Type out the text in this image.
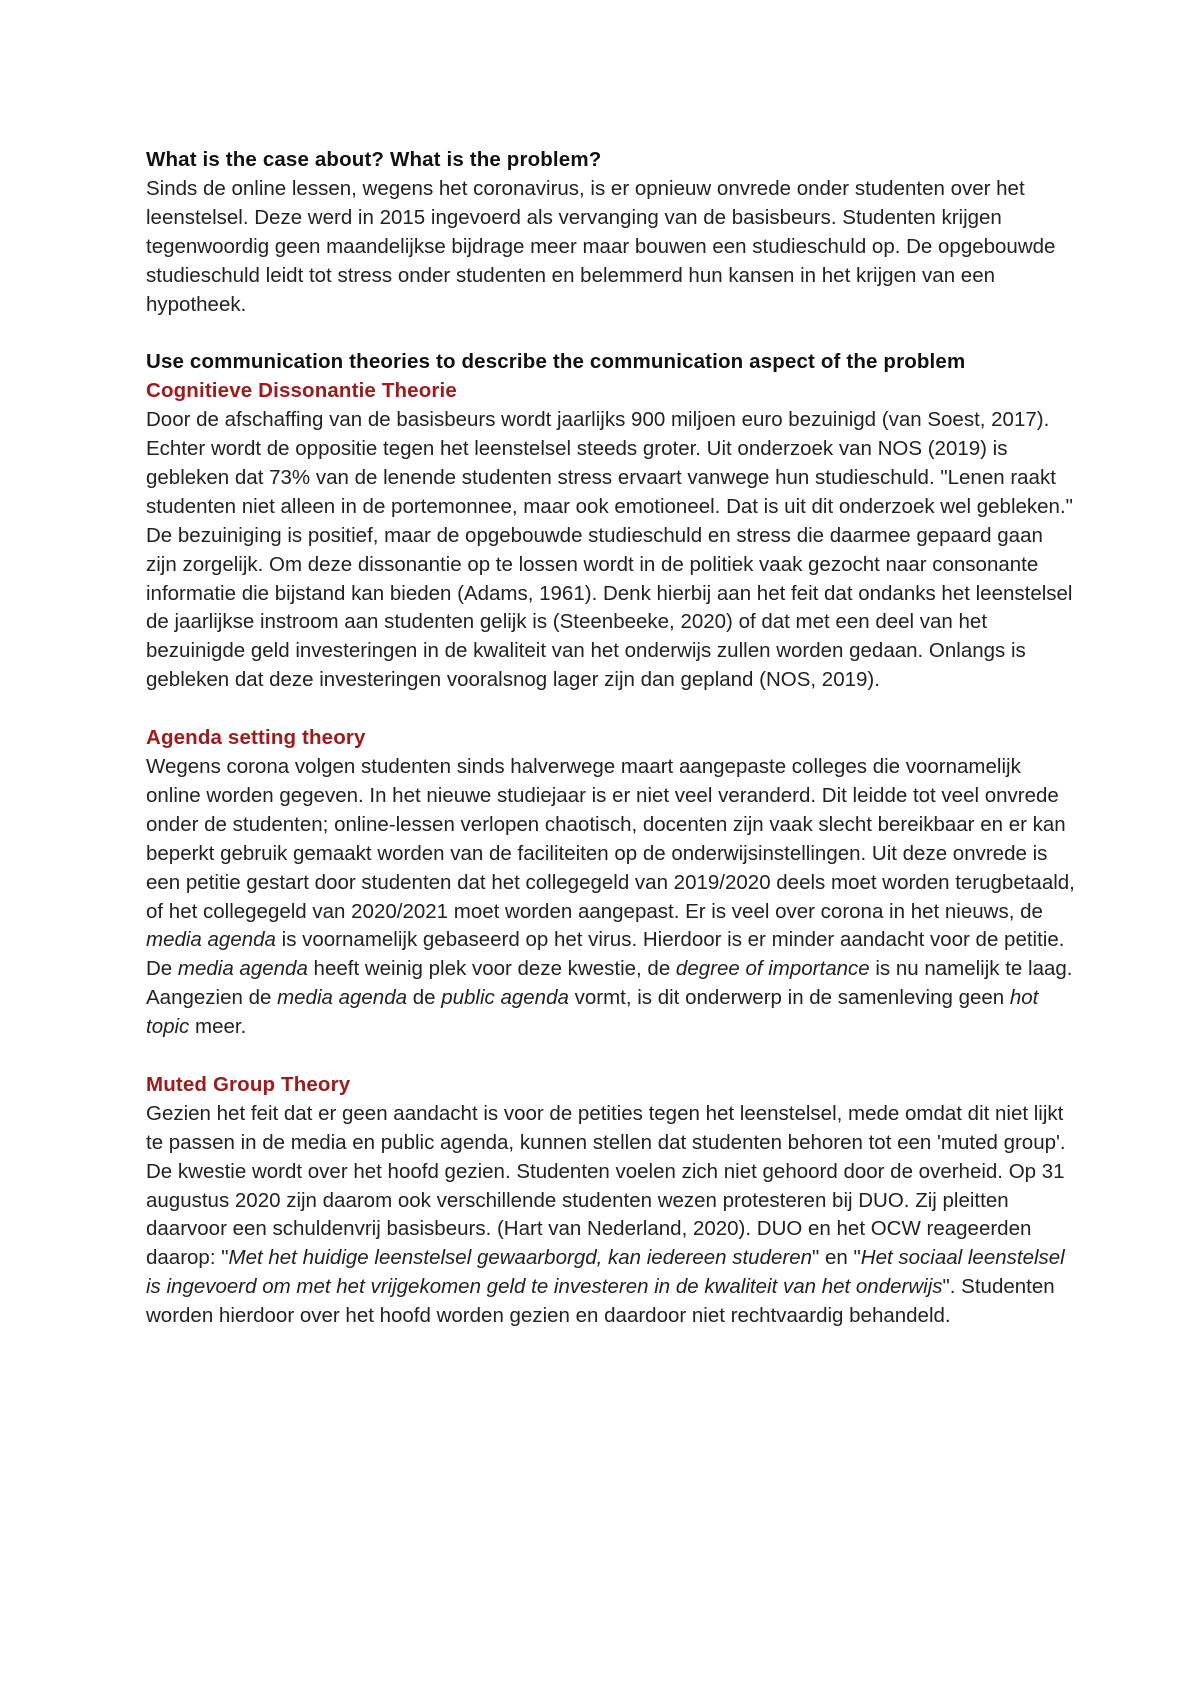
What is the case about? What is the problem?

Sinds de online lessen, wegens het coronavirus, is er opnieuw onvrede onder studenten over het leenstelsel. Deze werd in 2015 ingevoerd als vervanging van de basisbeurs. Studenten krijgen tegenwoordig geen maandelijkse bijdrage meer maar bouwen een studieschuld op. De opgebouwde studieschuld leidt tot stress onder studenten en belemmerd hun kansen in het krijgen van een hypotheek.

Use communication theories to describe the communication aspect of the problem
Cognitieve Dissonantie Theorie

Door de afschaffing van de basisbeurs wordt jaarlijks 900 miljoen euro bezuinigd (van Soest, 2017). Echter wordt de oppositie tegen het leenstelsel steeds groter. Uit onderzoek van NOS (2019) is gebleken dat 73% van de lenende studenten stress ervaart vanwege hun studieschuld. "Lenen raakt studenten niet alleen in de portemonnee, maar ook emotioneel. Dat is uit dit onderzoek wel gebleken." De bezuiniging is positief, maar de opgebouwde studieschuld en stress die daarmee gepaard gaan zijn zorgelijk. Om deze dissonantie op te lossen wordt in de politiek vaak gezocht naar consonante informatie die bijstand kan bieden (Adams, 1961). Denk hierbij aan het feit dat ondanks het leenstelsel de jaarlijkse instroom aan studenten gelijk is (Steenbeeke, 2020) of dat met een deel van het bezuinigde geld investeringen in de kwaliteit van het onderwijs zullen worden gedaan. Onlangs is gebleken dat deze investeringen vooralsnog lager zijn dan gepland (NOS, 2019).

Agenda setting theory

Wegens corona volgen studenten sinds halverwege maart aangepaste colleges die voornamelijk online worden gegeven. In het nieuwe studiejaar is er niet veel veranderd. Dit leidde tot veel onvrede onder de studenten; online-lessen verlopen chaotisch, docenten zijn vaak slecht bereikbaar en er kan beperkt gebruik gemaakt worden van de faciliteiten op de onderwijsinstellingen. Uit deze onvrede is een petitie gestart door studenten dat het collegegeld van 2019/2020 deels moet worden terugbetaald, of het collegegeld van 2020/2021 moet worden aangepast. Er is veel over corona in het nieuws, de media agenda is voornamelijk gebaseerd op het virus. Hierdoor is er minder aandacht voor de petitie. De media agenda heeft weinig plek voor deze kwestie, de degree of importance is nu namelijk te laag. Aangezien de media agenda de public agenda vormt, is dit onderwerp in de samenleving geen hot topic meer.

Muted Group Theory

Gezien het feit dat er geen aandacht is voor de petities tegen het leenstelsel, mede omdat dit niet lijkt te passen in de media en public agenda, kunnen stellen dat studenten behoren tot een 'muted group'. De kwestie wordt over het hoofd gezien. Studenten voelen zich niet gehoord door de overheid. Op 31 augustus 2020 zijn daarom ook verschillende studenten wezen protesteren bij DUO. Zij pleitten daarvoor een schuldenvrij basisbeurs. (Hart van Nederland, 2020). DUO en het OCW reageerden daarop: "Met het huidige leenstelsel gewaarborgd, kan iedereen studeren" en "Het sociaal leenstelsel is ingevoerd om met het vrijgekomen geld te investeren in de kwaliteit van het onderwijs". Studenten worden hierdoor over het hoofd worden gezien en daardoor niet rechtvaardig behandeld.
